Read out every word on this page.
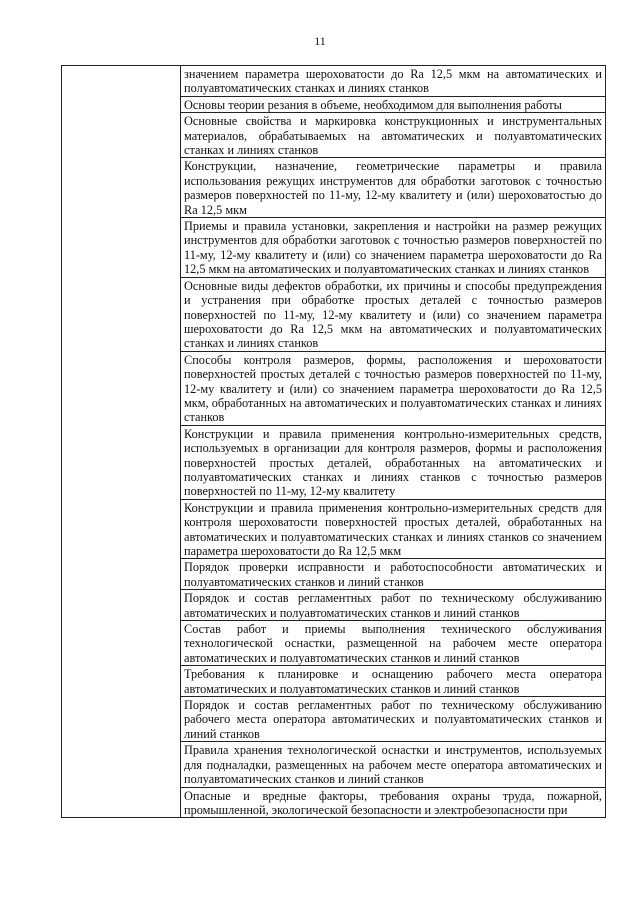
11

значением параметра шероховатости до Ra 12,5 мкм на автоматических и полуавтоматических станках и линиях станков
Основы теории резания в объеме, необходимом для выполнения работы
Основные свойства и маркировка конструкционных и инструментальных материалов, обрабатываемых на автоматических и полуавтоматических станках и линиях станков
Конструкции, назначение, геометрические параметры и правила использования режущих инструментов для обработки заготовок с точностью размеров поверхностей по 11-му, 12-му квалитету и (или) шероховатостью до Ra 12,5 мкм
Приемы и правила установки, закрепления и настройки на размер режущих инструментов для обработки заготовок с точностью размеров поверхностей по 11-му, 12-му квалитету и (или) со значением параметра шероховатости до Ra 12,5 мкм на автоматических и полуавтоматических станках и линиях станков
Основные виды дефектов обработки, их причины и способы предупреждения и устранения при обработке простых деталей с точностью размеров поверхностей по 11-му, 12-му квалитету и (или) со значением параметра шероховатости до Ra 12,5 мкм на автоматических и полуавтоматических станках и линиях станков
Способы контроля размеров, формы, расположения и шероховатости поверхностей простых деталей с точностью размеров поверхностей по 11-му, 12-му квалитету и (или) со значением параметра шероховатости до Ra 12,5 мкм, обработанных на автоматических и полуавтоматических станках и линиях станков
Конструкции и правила применения контрольно-измерительных средств, используемых в организации для контроля размеров, формы и расположения поверхностей простых деталей, обработанных на автоматических и полуавтоматических станках и линиях станков с точностью размеров поверхностей по 11-му, 12-му квалитету
Конструкции и правила применения контрольно-измерительных средств для контроля шероховатости поверхностей простых деталей, обработанных на автоматических и полуавтоматических станках и линиях станков со значением параметра шероховатости до Ra 12,5 мкм
Порядок проверки исправности и работоспособности автоматических и полуавтоматических станков и линий станков
Порядок и состав регламентных работ по техническому обслуживанию автоматических и полуавтоматических станков и линий станков
Состав работ и приемы выполнения технического обслуживания технологической оснастки, размещенной на рабочем месте оператора автоматических и полуавтоматических станков и линий станков
Требования к планировке и оснащению рабочего места оператора автоматических и полуавтоматических станков и линий станков
Порядок и состав регламентных работ по техническому обслуживанию рабочего места оператора автоматических и полуавтоматических станков и линий станков
Правила хранения технологической оснастки и инструментов, используемых для подналадки, размещенных на рабочем месте оператора автоматических и полуавтоматических станков и линий станков
Опасные и вредные факторы, требования охраны труда, пожарной, промышленной, экологической безопасности и электробезопасности при
